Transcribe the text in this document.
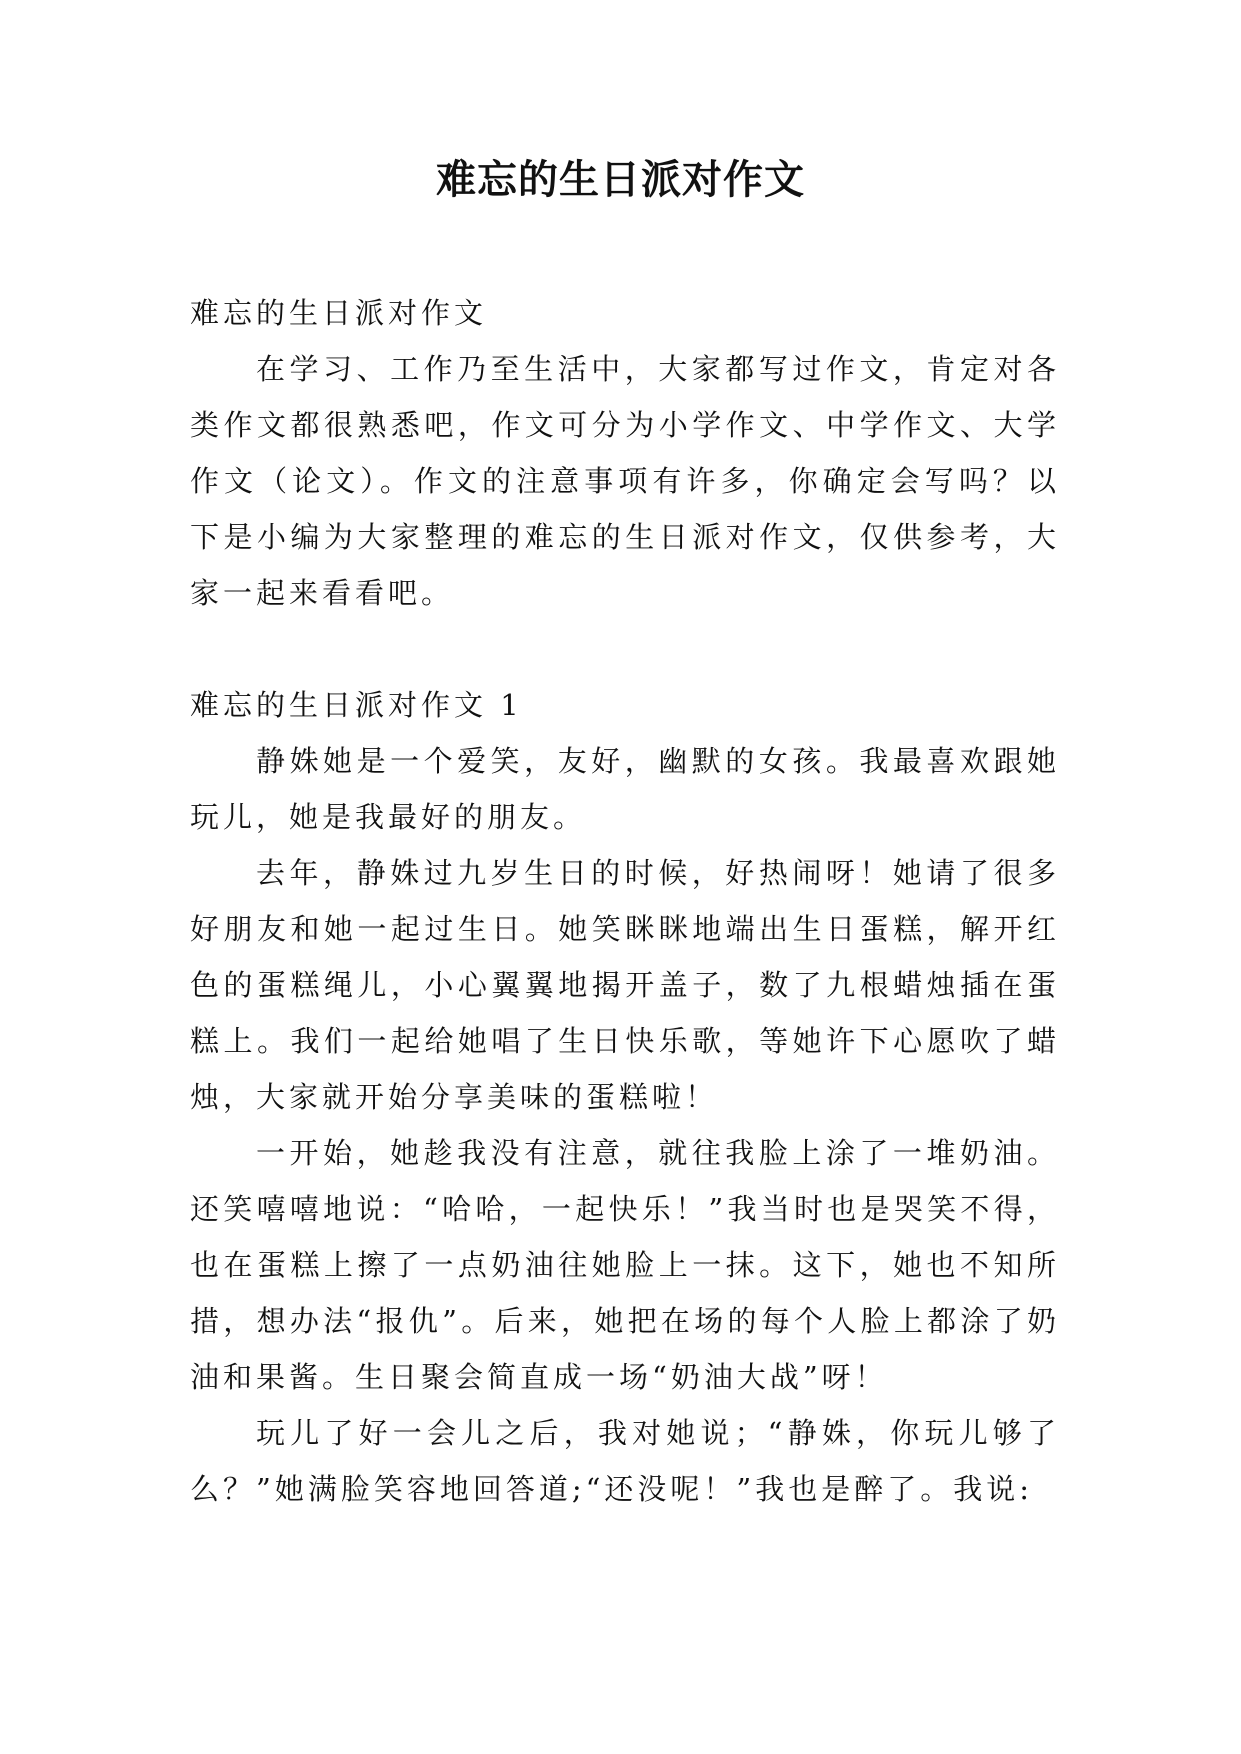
难忘的生日派对作文

难忘的生日派对作文

在学习、工作乃至生活中，大家都写过作文，肯定对各类作文都很熟悉吧，作文可分为小学作文、中学作文、大学作文（论文）。作文的注意事项有许多，你确定会写吗？以下是小编为大家整理的难忘的生日派对作文，仅供参考，大家一起来看看吧。

难忘的生日派对作文 1

静姝她是一个爱笑，友好，幽默的女孩。我最喜欢跟她玩儿，她是我最好的朋友。

去年，静姝过九岁生日的时候，好热闹呀！她请了很多好朋友和她一起过生日。她笑眯眯地端出生日蛋糕，解开红色的蛋糕绳儿，小心翼翼地揭开盖子，数了九根蜡烛插在蛋糕上。我们一起给她唱了生日快乐歌，等她许下心愿吹了蜡烛，大家就开始分享美味的蛋糕啦！

一开始，她趁我没有注意，就往我脸上涂了一堆奶油。还笑嘻嘻地说：“哈哈，一起快乐！”我当时也是哭笑不得，也在蛋糕上擦了一点奶油往她脸上一抹。这下，她也不知所措，想办法“报仇”。后来，她把在场的每个人脸上都涂了奶油和果酱。生日聚会简直成一场“奶油大战”呀！

玩儿了好一会儿之后，我对她说；“静姝，你玩儿够了么？”她满脸笑容地回答道;“还没呢！”我也是醉了。我说:
